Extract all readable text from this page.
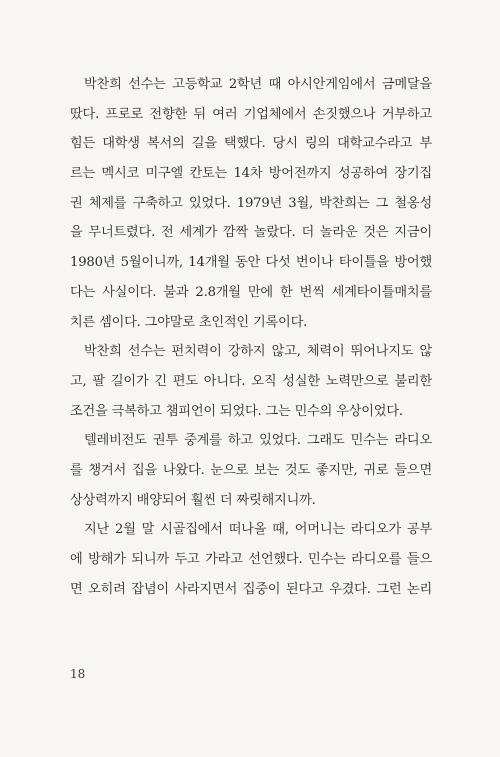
박찬희 선수는 고등학교 2학년 때 아시안게임에서 금메달을
땄다. 프로로 전향한 뒤 여러 기업체에서 손짓했으나 거부하고
힘든 대학생 복서의 길을 택했다. 당시 링의 대학교수라고 부
르는 멕시코 미구엘 칸토는 14차 방어전까지 성공하여 장기집
권 체제를 구축하고 있었다. 1979년 3월, 박찬희는 그 철옹성
을 무너트렸다. 전 세계가 깜짝 놀랐다. 더 놀라운 것은 지금이
1980년 5월이니까, 14개월 동안 다섯 번이나 타이틀을 방어했
다는 사실이다. 불과 2.8개월 만에 한 번씩 세계타이틀매치를
치른 셈이다. 그야말로 초인적인 기록이다.
박찬희 선수는 펀치력이 강하지 않고, 체력이 뛰어나지도 않
고, 팔 길이가 긴 편도 아니다. 오직 성실한 노력만으로 불리한
조건을 극복하고 챔피언이 되었다. 그는 민수의 우상이었다.
텔레비전도 권투 중계를 하고 있었다. 그래도 민수는 라디오
를 챙겨서 집을 나왔다. 눈으로 보는 것도 좋지만, 귀로 들으면
상상력까지 배양되어 훨씬 더 짜릿해지니까.
지난 2월 말 시골집에서 떠나올 때, 어머니는 라디오가 공부
에 방해가 되니까 두고 가라고 선언했다. 민수는 라디오를 들으
면 오히려 잡념이 사라지면서 집중이 된다고 우겼다. 그런 논리
18
